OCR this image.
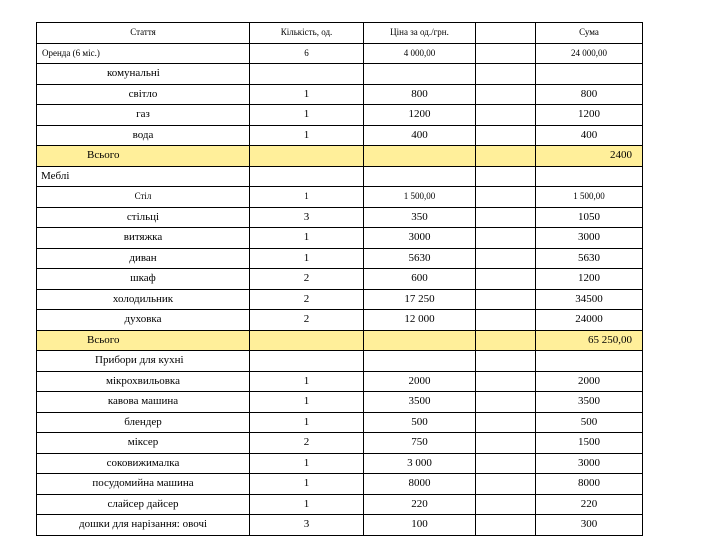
Стаття	Кількість, од.	Ціна за од./грн.		Сума
Оренда (6 міс.)	6	4 000,00		24 000,00
комунальні				
світло	1	800		800
газ	1	1200		1200
вода	1	400		400
Всього				2400
Меблі				
Стіл	1	1 500,00		1 500,00
стільці	3	350		1050
витяжка	1	3000		3000
диван	1	5630		5630
шкаф	2	600		1200
холодильник	2	17 250		34500
духовка	2	12 000		24000
Всього				65 250,00
Прибори для кухні				
мікрохвильовка	1	2000		2000
кавова машина	1	3500		3500
блендер	1	500		500
міксер	2	750		1500
соковижималка	1	3 000		3000
посудомийна машина	1	8000		8000
слайсер дайсер	1	220		220
дошки для нарізання: овочі	3	100		300
